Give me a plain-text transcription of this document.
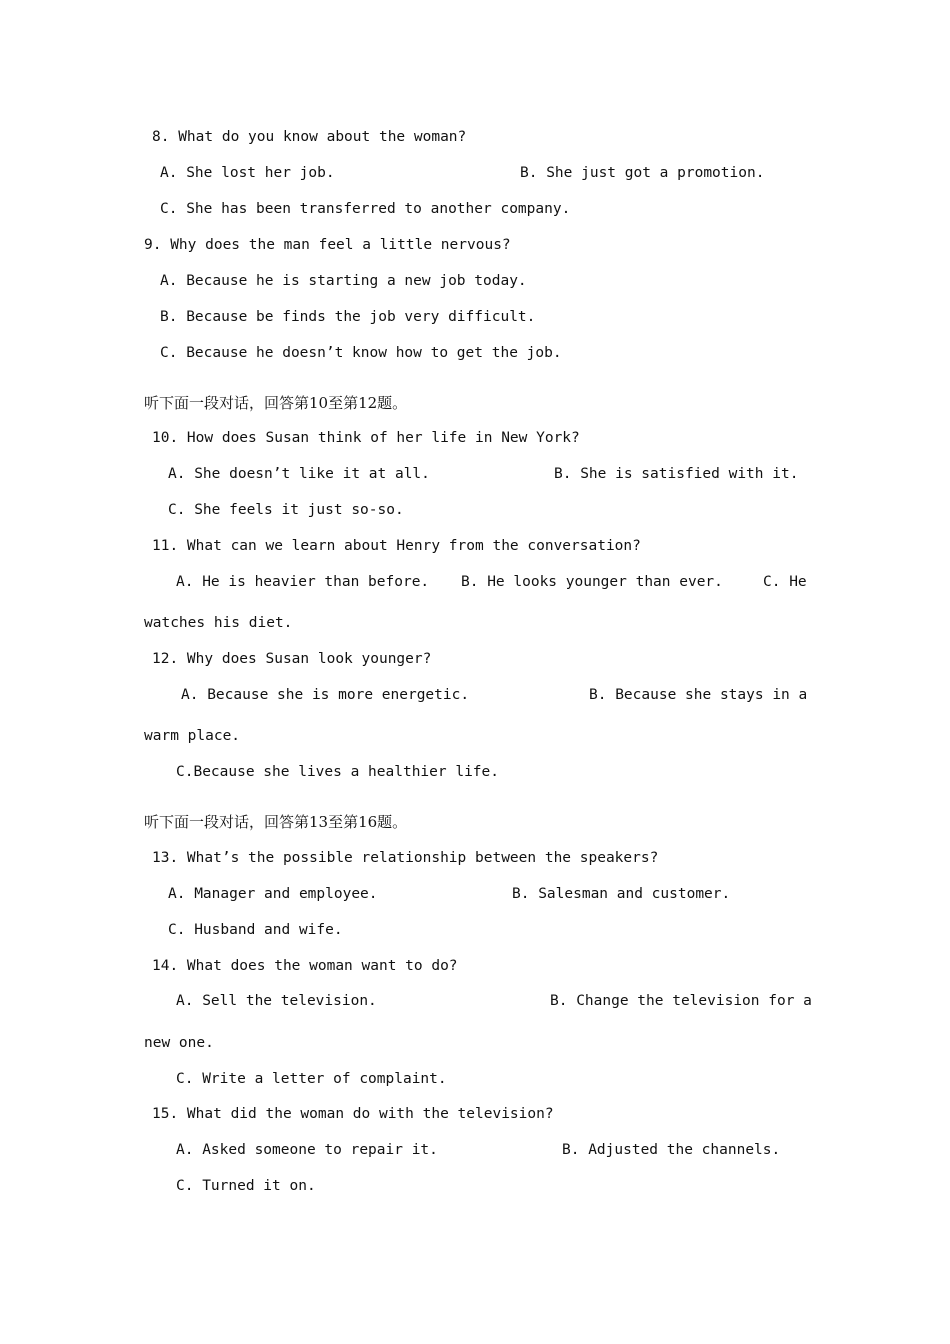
8. What do you know about the woman?
A. She lost her job.	B. She just got a promotion.
C. She has been transferred to another company.
9. Why does the man feel a little nervous?
A. Because he is starting a new job today.
B. Because be finds the job very difficult.
C. Because he doesn’t know how to get the job.
听下面一段对话，回答第10至第12题。
10. How does Susan think of her life in New York?
A. She doesn’t like it at all.	B. She is satisfied with it.
C. She feels it just so-so.
11. What can we learn about Henry from the conversation?
A. He is heavier than before. B. He looks younger than ever.	C. He
watches his diet.
12. Why does Susan look younger?
A. Because she is more energetic.	B. Because she stays in a
warm place.
C.Because she lives a healthier life.
听下面一段对话，回答第13至第16题。
13. What’s the possible relationship between the speakers?
A. Manager and employee.	B. Salesman and customer.
C. Husband and wife.
14. What does the woman want to do?
A. Sell the television.	B. Change the television for a
new one.
C. Write a letter of complaint.
15. What did the woman do with the television?
A. Asked someone to repair it.	B. Adjusted the channels.
C. Turned it on.
